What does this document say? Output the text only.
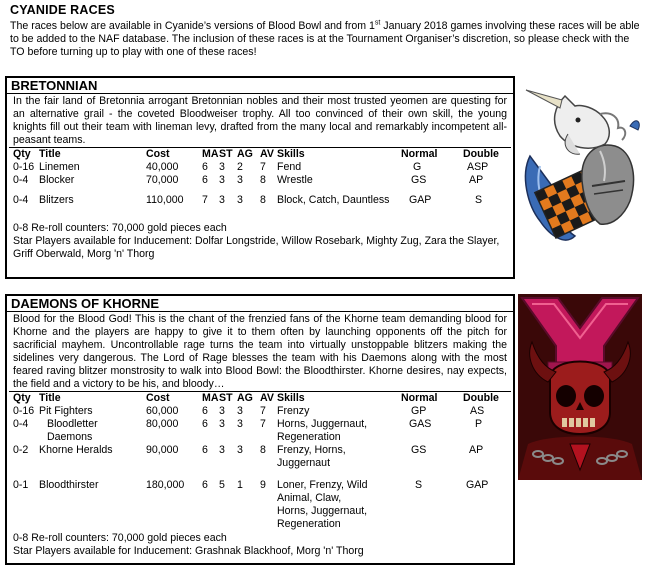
CYANIDE RACES
The races below are available in Cyanide’s versions of Blood Bowl and from 1st January 2018 games involving these races will be able to be added to the NAF database. The inclusion of these races is at the Tournament Organiser’s discretion, so please check with the TO before turning up to play with one of these races!
BRETONNIAN
In the fair land of Bretonnia arrogant Bretonnian nobles and their most trusted yeomen are questing for an alternative grail - the coveted Bloodweiser trophy. All too convinced of their own skill, the young knights fill out their team with lineman levy, drafted from the many local and remarkably incompetent all-peasant teams.
Qty	Title	Cost	MA	ST	AG	AV	Skills	Normal	Double
0-16	Linemen	40,000	6	3	2	7	Fend	G	ASP
0-4	Blocker	70,000	6	3	3	8	Wrestle	GS	AP
0-4	Blitzers	110,000	7	3	3	8	Block, Catch, Dauntless	GAP	S
0-8 Re-roll counters: 70,000 gold pieces each
Star Players available for Inducement: Dolfar Longstride, Willow Rosebark, Mighty Zug, Zara the Slayer, Griff Oberwald, Morg 'n' Thorg
DAEMONS OF KHORNE
Blood for the Blood God! This is the chant of the frenzied fans of the Khorne team demanding blood for Khorne and the players are happy to give it to them often by launching opponents off the pitch for sacrificial mayhem. Uncontrollable rage turns the team into virtually unstoppable blitzers making the sidelines very dangerous. The Lord of Rage blesses the team with his Daemons along with the most feared raving blitzer monstrosity to walk into Blood Bowl: the Bloodthirster. Khorne desires, nay expects, the field and a victory to be his, and bloody…
Qty	Title	Cost	MA	ST	AG	AV	Skills	Normal	Double
0-16	Pit Fighters	60,000	6	3	3	7	Frenzy	GP	AS
0-4	Bloodletter Daemons	80,000	6	3	3	7	Horns, Juggernaut, Regeneration	GAS	P
0-2	Khorne Heralds	90,000	6	3	3	8	Frenzy, Horns, Juggernaut	GS	AP
0-1	Bloodthirster	180,000	6	5	1	9	Loner, Frenzy, Wild Animal, Claw, Horns, Juggernaut, Regeneration	S	GAP
0-8 Re-roll counters: 70,000 gold pieces each
Star Players available for Inducement: Grashnak Blackhoof, Morg 'n' Thorg
